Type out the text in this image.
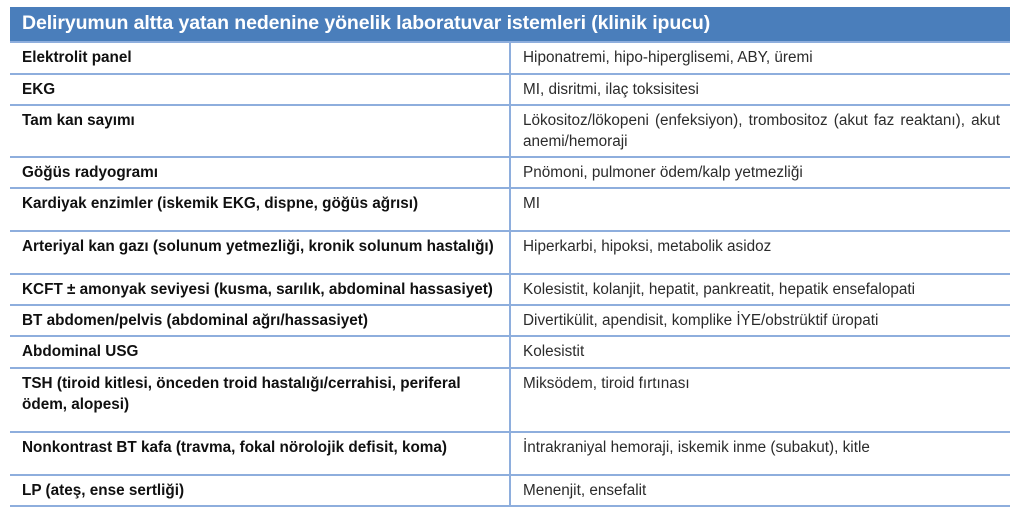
Deliryumun altta yatan nedenine yönelik laboratuvar istemleri (klinik ipucu)	
Elektrolit panel	Hiponatremi, hipo-hiperglisemi, ABY, üremi
EKG	MI, disritmi, ilaç toksisitesi
Tam kan sayımı	Lökositoz/lökopeni (enfeksiyon), trombositoz (akut faz reaktanı), akut anemi/hemoraji
Göğüs radyogramı	Pnömoni, pulmoner ödem/kalp yetmezliği
Kardiyak enzimler (iskemik EKG, dispne, göğüs ağrısı)	MI
Arteriyal kan gazı (solunum yetmezliği, kronik solunum hastalığı)	Hiperkarbi, hipoksi, metabolik asidoz
KCFT ± amonyak seviyesi (kusma, sarılık, abdominal hassasiyet)	Kolesistit, kolanjit, hepatit, pankreatit, hepatik ensefalopati
BT abdomen/pelvis (abdominal ağrı/hassasiyet)	Divertikülit, apendisit, komplike İYE/obstrüktif üropati
Abdominal USG	Kolesistit
TSH (tiroid kitlesi, önceden troid hastalığı/cerrahisi, periferal ödem, alopesi)	Miksödem, tiroid fırtınası
Nonkontrast BT kafa (travma, fokal nörolojik defisit, koma)	İntrakraniyal hemoraji, iskemik inme (subakut), kitle
LP (ateş, ense sertliği)	Menenjit, ensefalit
